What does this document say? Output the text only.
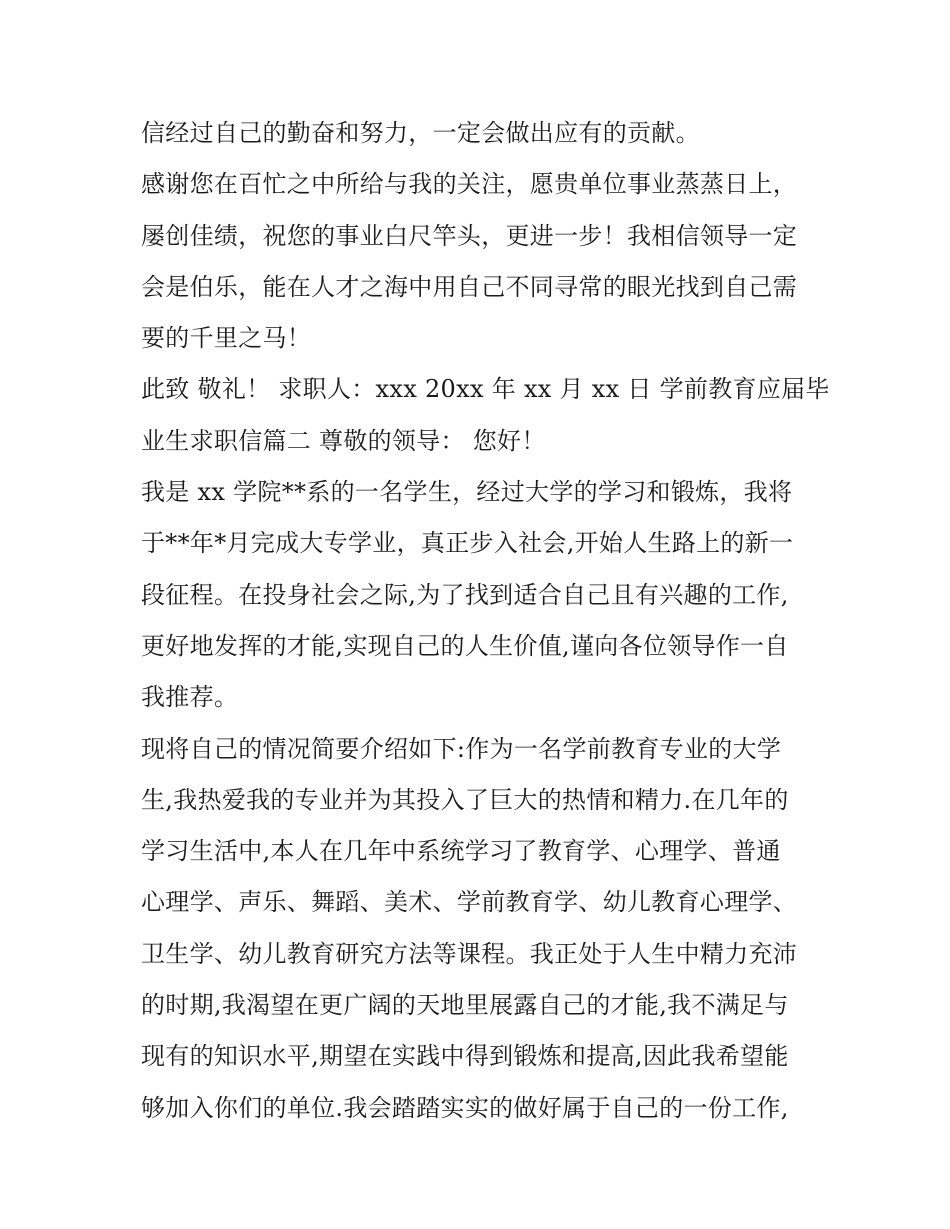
信经过自己的勤奋和努力，一定会做出应有的贡献。
感谢您在百忙之中所给与我的关注，愿贵单位事业蒸蒸日上，
屡创佳绩，祝您的事业白尺竿头，更进一步！我相信领导一定
会是伯乐，能在人才之海中用自己不同寻常的眼光找到自己需
要的千里之马！
此致 敬礼！ 求职人：xxx 20xx 年 xx 月 xx 日 学前教育应届毕
业生求职信篇二 尊敬的领导： 您好！
我是 xx 学院**系的一名学生，经过大学的学习和锻炼，我将
于**年*月完成大专学业，真正步入社会,开始人生路上的新一
段征程。在投身社会之际,为了找到适合自己且有兴趣的工作,
更好地发挥的才能,实现自己的人生价值,谨向各位领导作一自
我推荐。
现将自己的情况简要介绍如下:作为一名学前教育专业的大学
生,我热爱我的专业并为其投入了巨大的热情和精力.在几年的
学习生活中,本人在几年中系统学习了教育学、心理学、普通
心理学、声乐、舞蹈、美术、学前教育学、幼儿教育心理学、
卫生学、幼儿教育研究方法等课程。我正处于人生中精力充沛
的时期,我渴望在更广阔的天地里展露自己的才能,我不满足与
现有的知识水平,期望在实践中得到锻炼和提高,因此我希望能
够加入你们的单位.我会踏踏实实的做好属于自己的一份工作,
